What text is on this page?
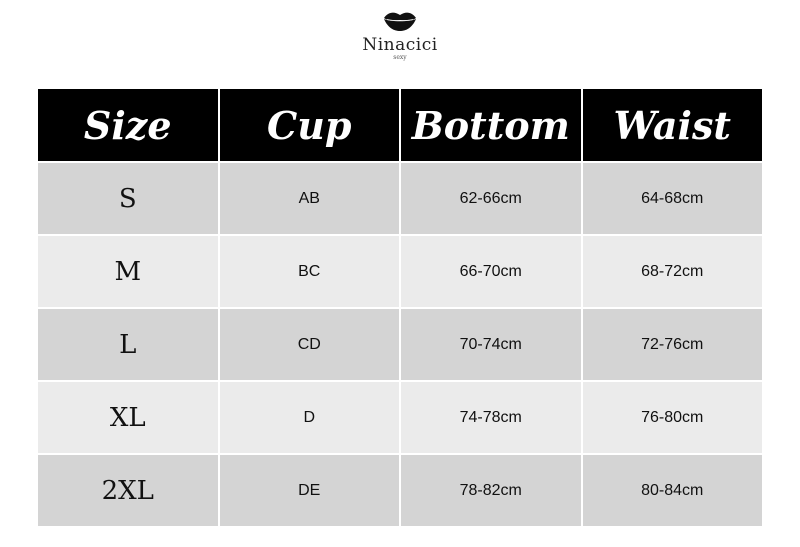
Ninacici
sexy
Size	Cup	Bottom	Waist
S	AB	62-66cm	64-68cm
M	BC	66-70cm	68-72cm
L	CD	70-74cm	72-76cm
XL	D	74-78cm	76-80cm
2XL	DE	78-82cm	80-84cm
